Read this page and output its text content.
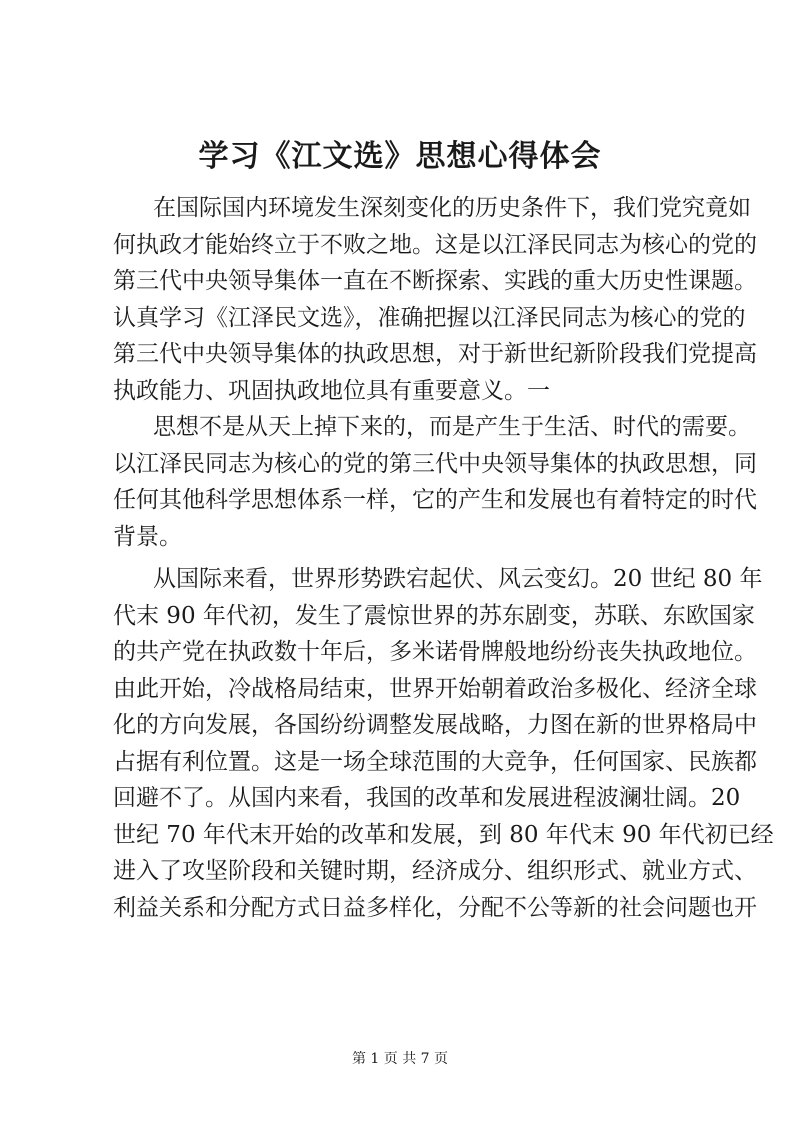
学习《江文选》思想心得体会
在国际国内环境发生深刻变化的历史条件下，我们党究竟如
何执政才能始终立于不败之地。这是以江泽民同志为核心的党的
第三代中央领导集体一直在不断探索、实践的重大历史性课题。
认真学习《江泽民文选》，准确把握以江泽民同志为核心的党的
第三代中央领导集体的执政思想，对于新世纪新阶段我们党提高
执政能力、巩固执政地位具有重要意义。一
思想不是从天上掉下来的，而是产生于生活、时代的需要。
以江泽民同志为核心的党的第三代中央领导集体的执政思想，同
任何其他科学思想体系一样，它的产生和发展也有着特定的时代
背景。
从国际来看，世界形势跌宕起伏、风云变幻。20 世纪 80 年
代末 90 年代初，发生了震惊世界的苏东剧变，苏联、东欧国家
的共产党在执政数十年后，多米诺骨牌般地纷纷丧失执政地位。
由此开始，冷战格局结束，世界开始朝着政治多极化、经济全球
化的方向发展，各国纷纷调整发展战略，力图在新的世界格局中
占据有利位置。这是一场全球范围的大竞争，任何国家、民族都
回避不了。从国内来看，我国的改革和发展进程波澜壮阔。20
世纪 70 年代末开始的改革和发展，到 80 年代末 90 年代初已经
进入了攻坚阶段和关键时期，经济成分、组织形式、就业方式、
利益关系和分配方式日益多样化，分配不公等新的社会问题也开
第 1 页 共 7 页
